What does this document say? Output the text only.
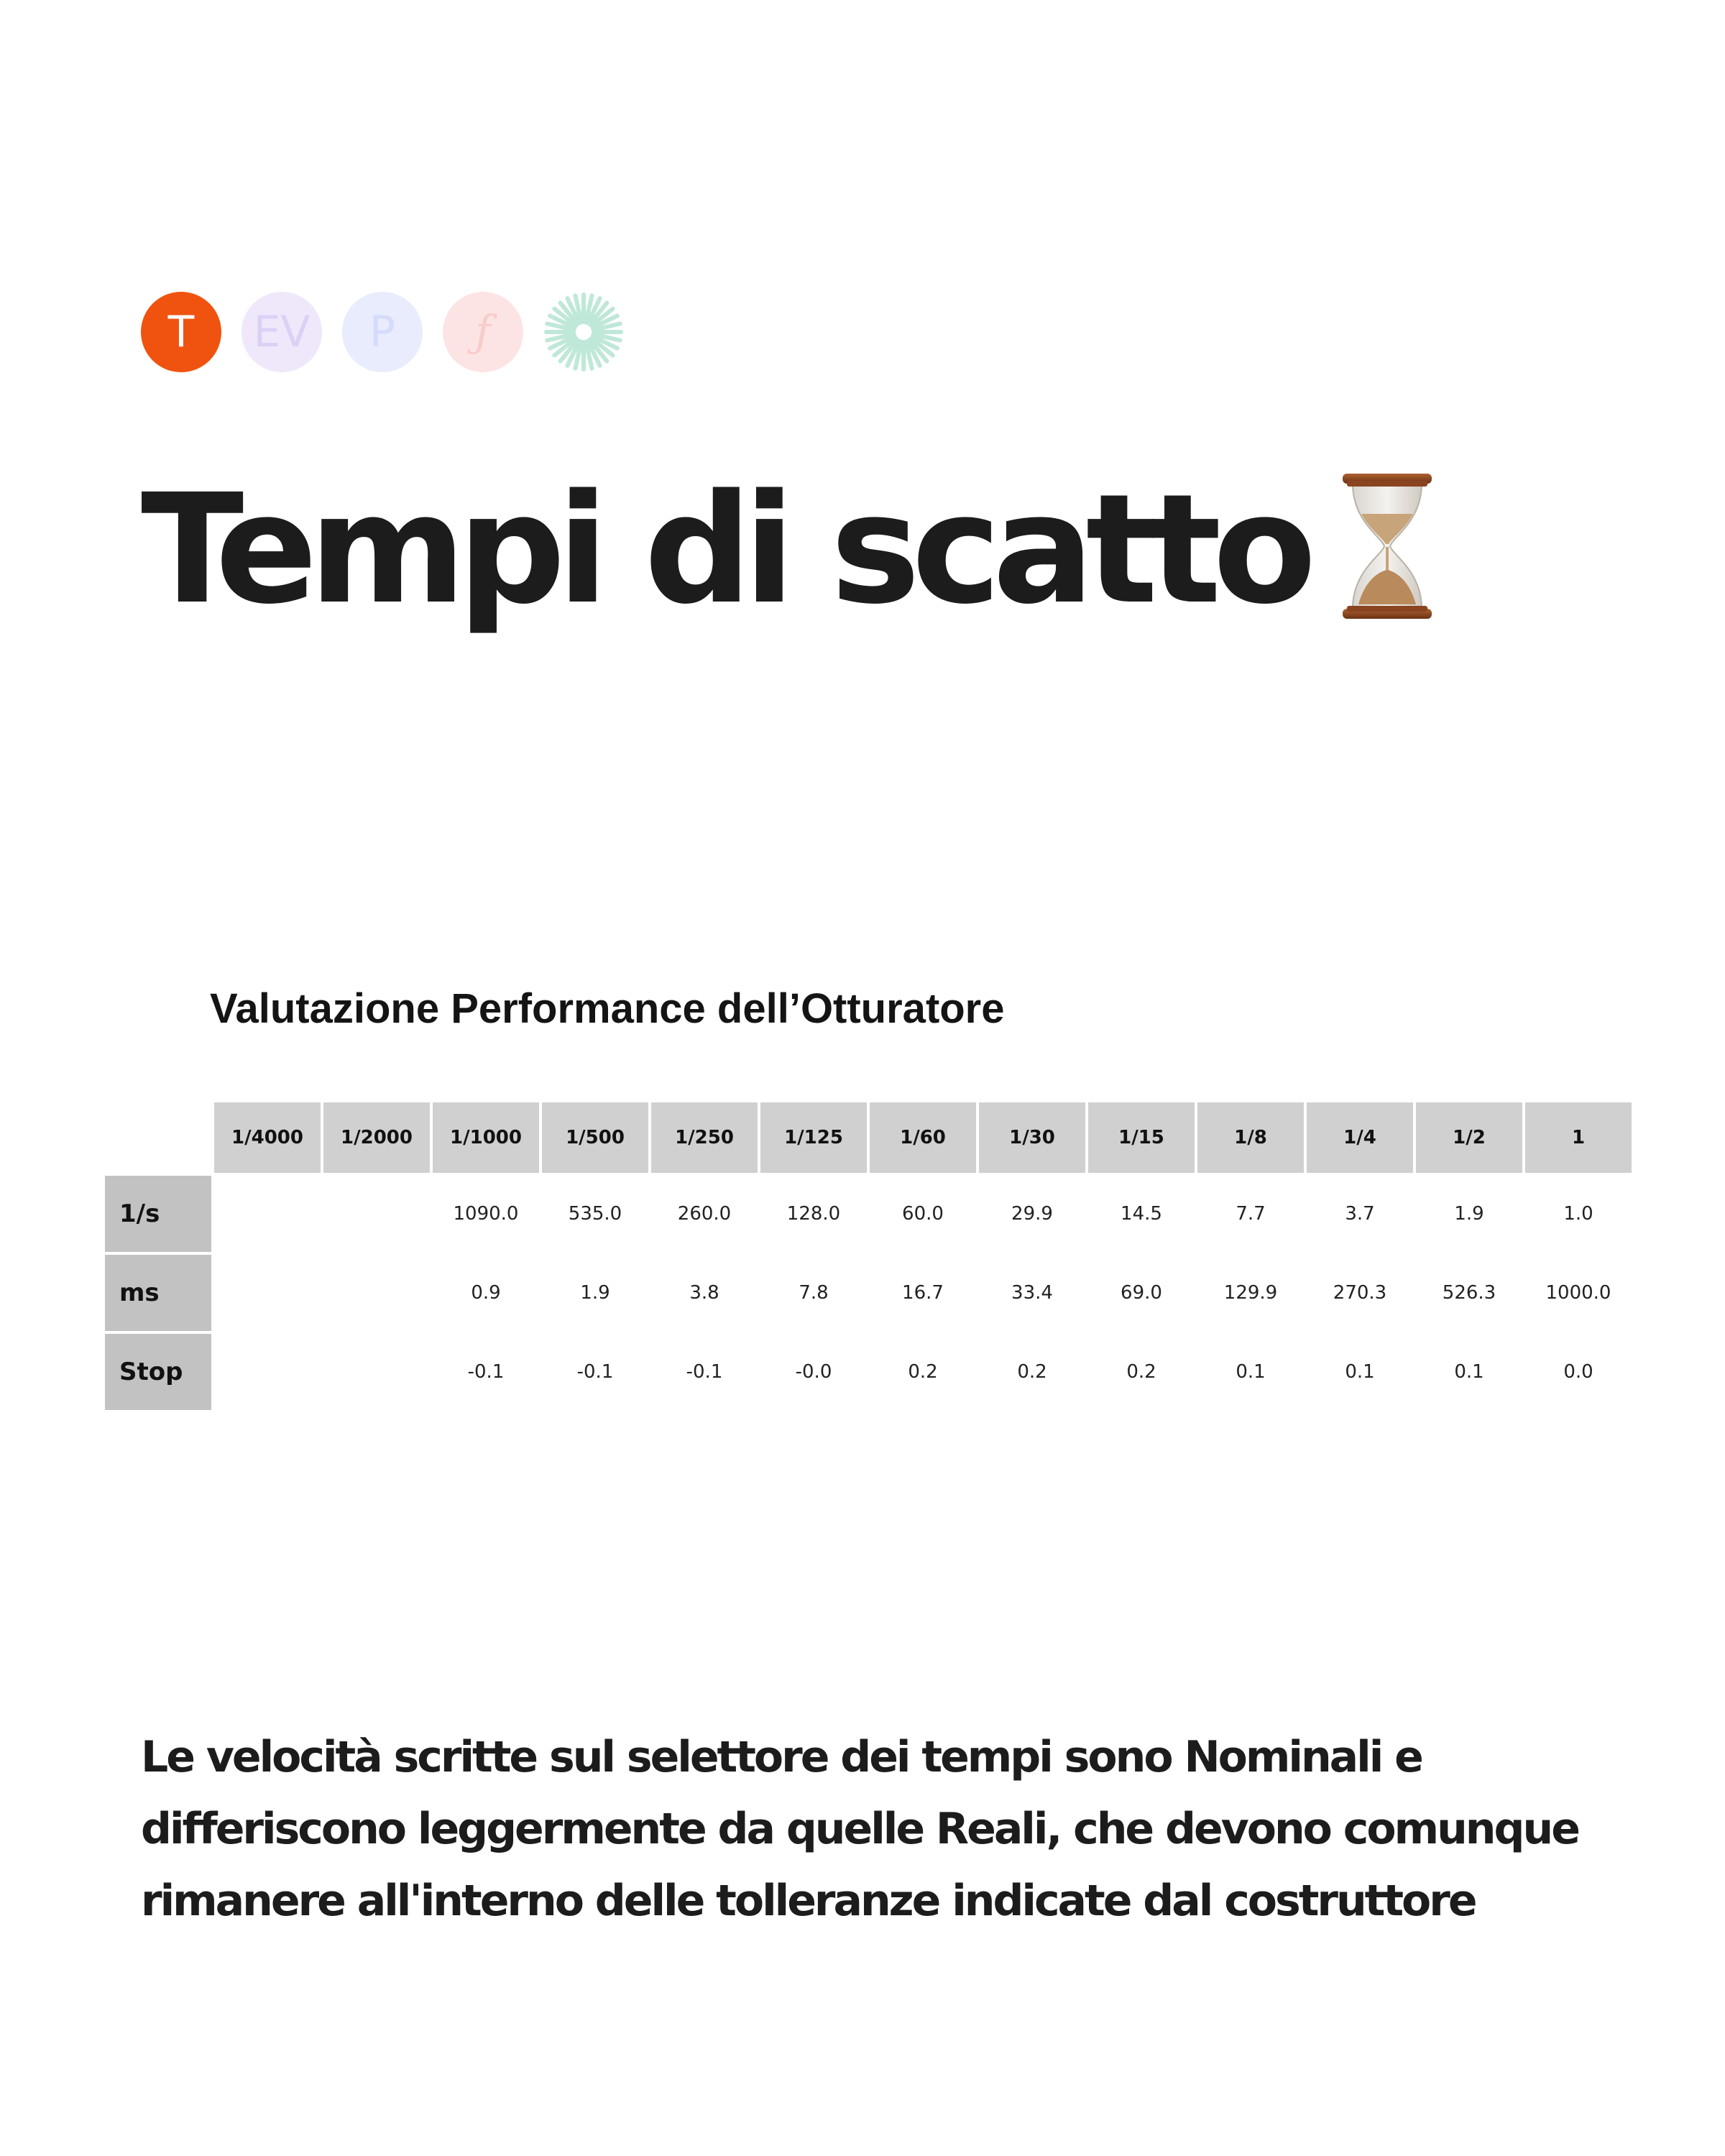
T	EV	P	ƒ
Tempi di scatto
Valutazione Performance dell’Otturatore
	1/4000	1/2000	1/1000	1/500	1/250	1/125	1/60	1/30	1/15	1/8	1/4	1/2	1
1/s			1090.0	535.0	260.0	128.0	60.0	29.9	14.5	7.7	3.7	1.9	1.0
ms			0.9	1.9	3.8	7.8	16.7	33.4	69.0	129.9	270.3	526.3	1000.0
Stop			-0.1	-0.1	-0.1	-0.0	0.2	0.2	0.2	0.1	0.1	0.1	0.0

Le velocità scritte sul selettore dei tempi sono Nominali e differiscono leggermente da quelle Reali, che devono comunque rimanere all'interno delle tolleranze indicate dal costruttore
